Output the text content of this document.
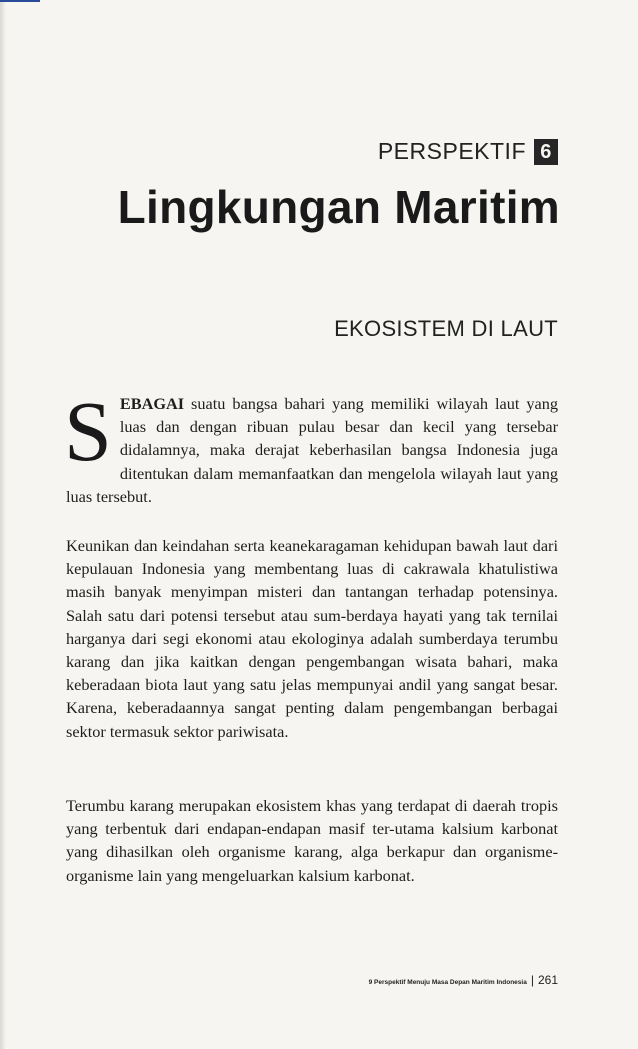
PERSPEKTIF 6
Lingkungan Maritim
EKOSISTEM DI LAUT
SEBAGAI suatu bangsa bahari yang memiliki wilayah laut yang luas dan dengan ribuan pulau besar dan kecil yang tersebar didalamnya, maka derajat keberhasilan bangsa Indonesia juga ditentukan dalam memanfaatkan dan mengelola wilayah laut yang luas tersebut.
Keunikan dan keindahan serta keanekaragaman kehidupan bawah laut dari kepulauan Indonesia yang membentang luas di cakrawala khatulistiwa masih banyak menyimpan misteri dan tantangan terhadap potensinya. Salah satu dari potensi tersebut atau sum-berdaya hayati yang tak ternilai harganya dari segi ekonomi atau ekologinya adalah sumberdaya terumbu karang dan jika kaitkan dengan pengembangan wisata bahari, maka keberadaan biota laut yang satu jelas mempunyai andil yang sangat besar. Karena, keberadaannya sangat penting dalam pengembangan berbagai sektor termasuk sektor pariwisata.
Terumbu karang merupakan ekosistem khas yang terdapat di daerah tropis yang terbentuk dari endapan-endapan masif ter-utama kalsium karbonat yang dihasilkan oleh organisme karang, alga berkapur dan organisme-organisme lain yang mengeluarkan kalsium karbonat.
9 Perspektif Menuju Masa Depan Maritim Indonesia | 261
